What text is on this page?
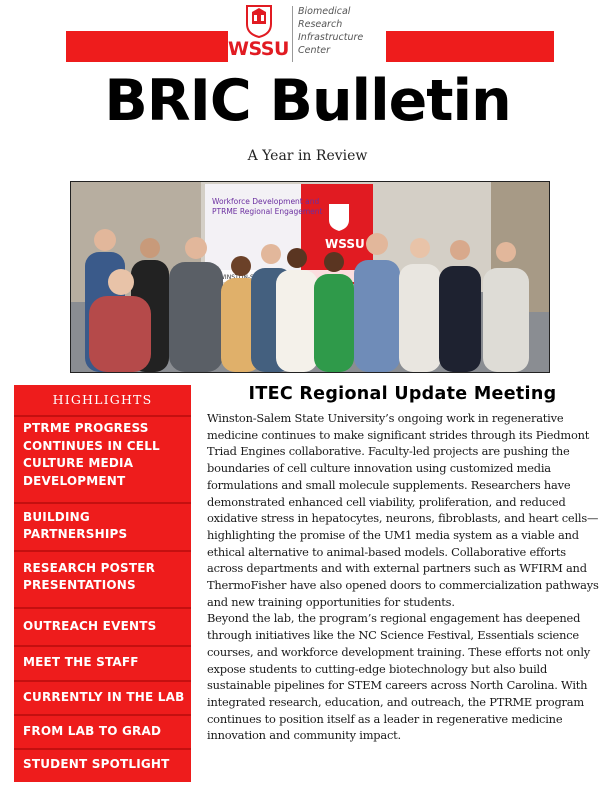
WSSU
Biomedical
Research
Infrastructure
Center
BRIC Bulletin
A Year in Review
Workforce Development and
PTRME Regional Engagement
WSSU
WINSTON-SALEM
HIGHLIGHTS
PTRME PROGRESS CONTINUES IN CELL CULTURE MEDIA DEVELOPMENT
BUILDING PARTNERSHIPS
RESEARCH POSTER PRESENTATIONS
OUTREACH EVENTS
MEET THE STAFF
CURRENTLY IN THE LAB
FROM LAB TO GRAD
STUDENT SPOTLIGHT
ITEC Regional Update Meeting

Winston-Salem State University’s ongoing work in regenerative medicine continues to make significant strides through its Piedmont Triad Engines collaborative. Faculty-led projects are pushing the boundaries of cell culture innovation using customized media formulations and small molecule supplements. Researchers have demonstrated enhanced cell viability, proliferation, and reduced oxidative stress in hepatocytes, neurons, fibroblasts, and heart cells—highlighting the promise of the UM1 media system as a viable and ethical alternative to animal-based models. Collaborative efforts across departments and with external partners such as WFIRM and ThermoFisher have also opened doors to commercialization pathways and new training opportunities for students.

Beyond the lab, the program’s regional engagement has deepened through initiatives like the NC Science Festival, Essentials science courses, and workforce development training. These efforts not only expose students to cutting-edge biotechnology but also build sustainable pipelines for STEM careers across North Carolina. With integrated research, education, and outreach, the PTRME program continues to position itself as a leader in regenerative medicine innovation and community impact.
